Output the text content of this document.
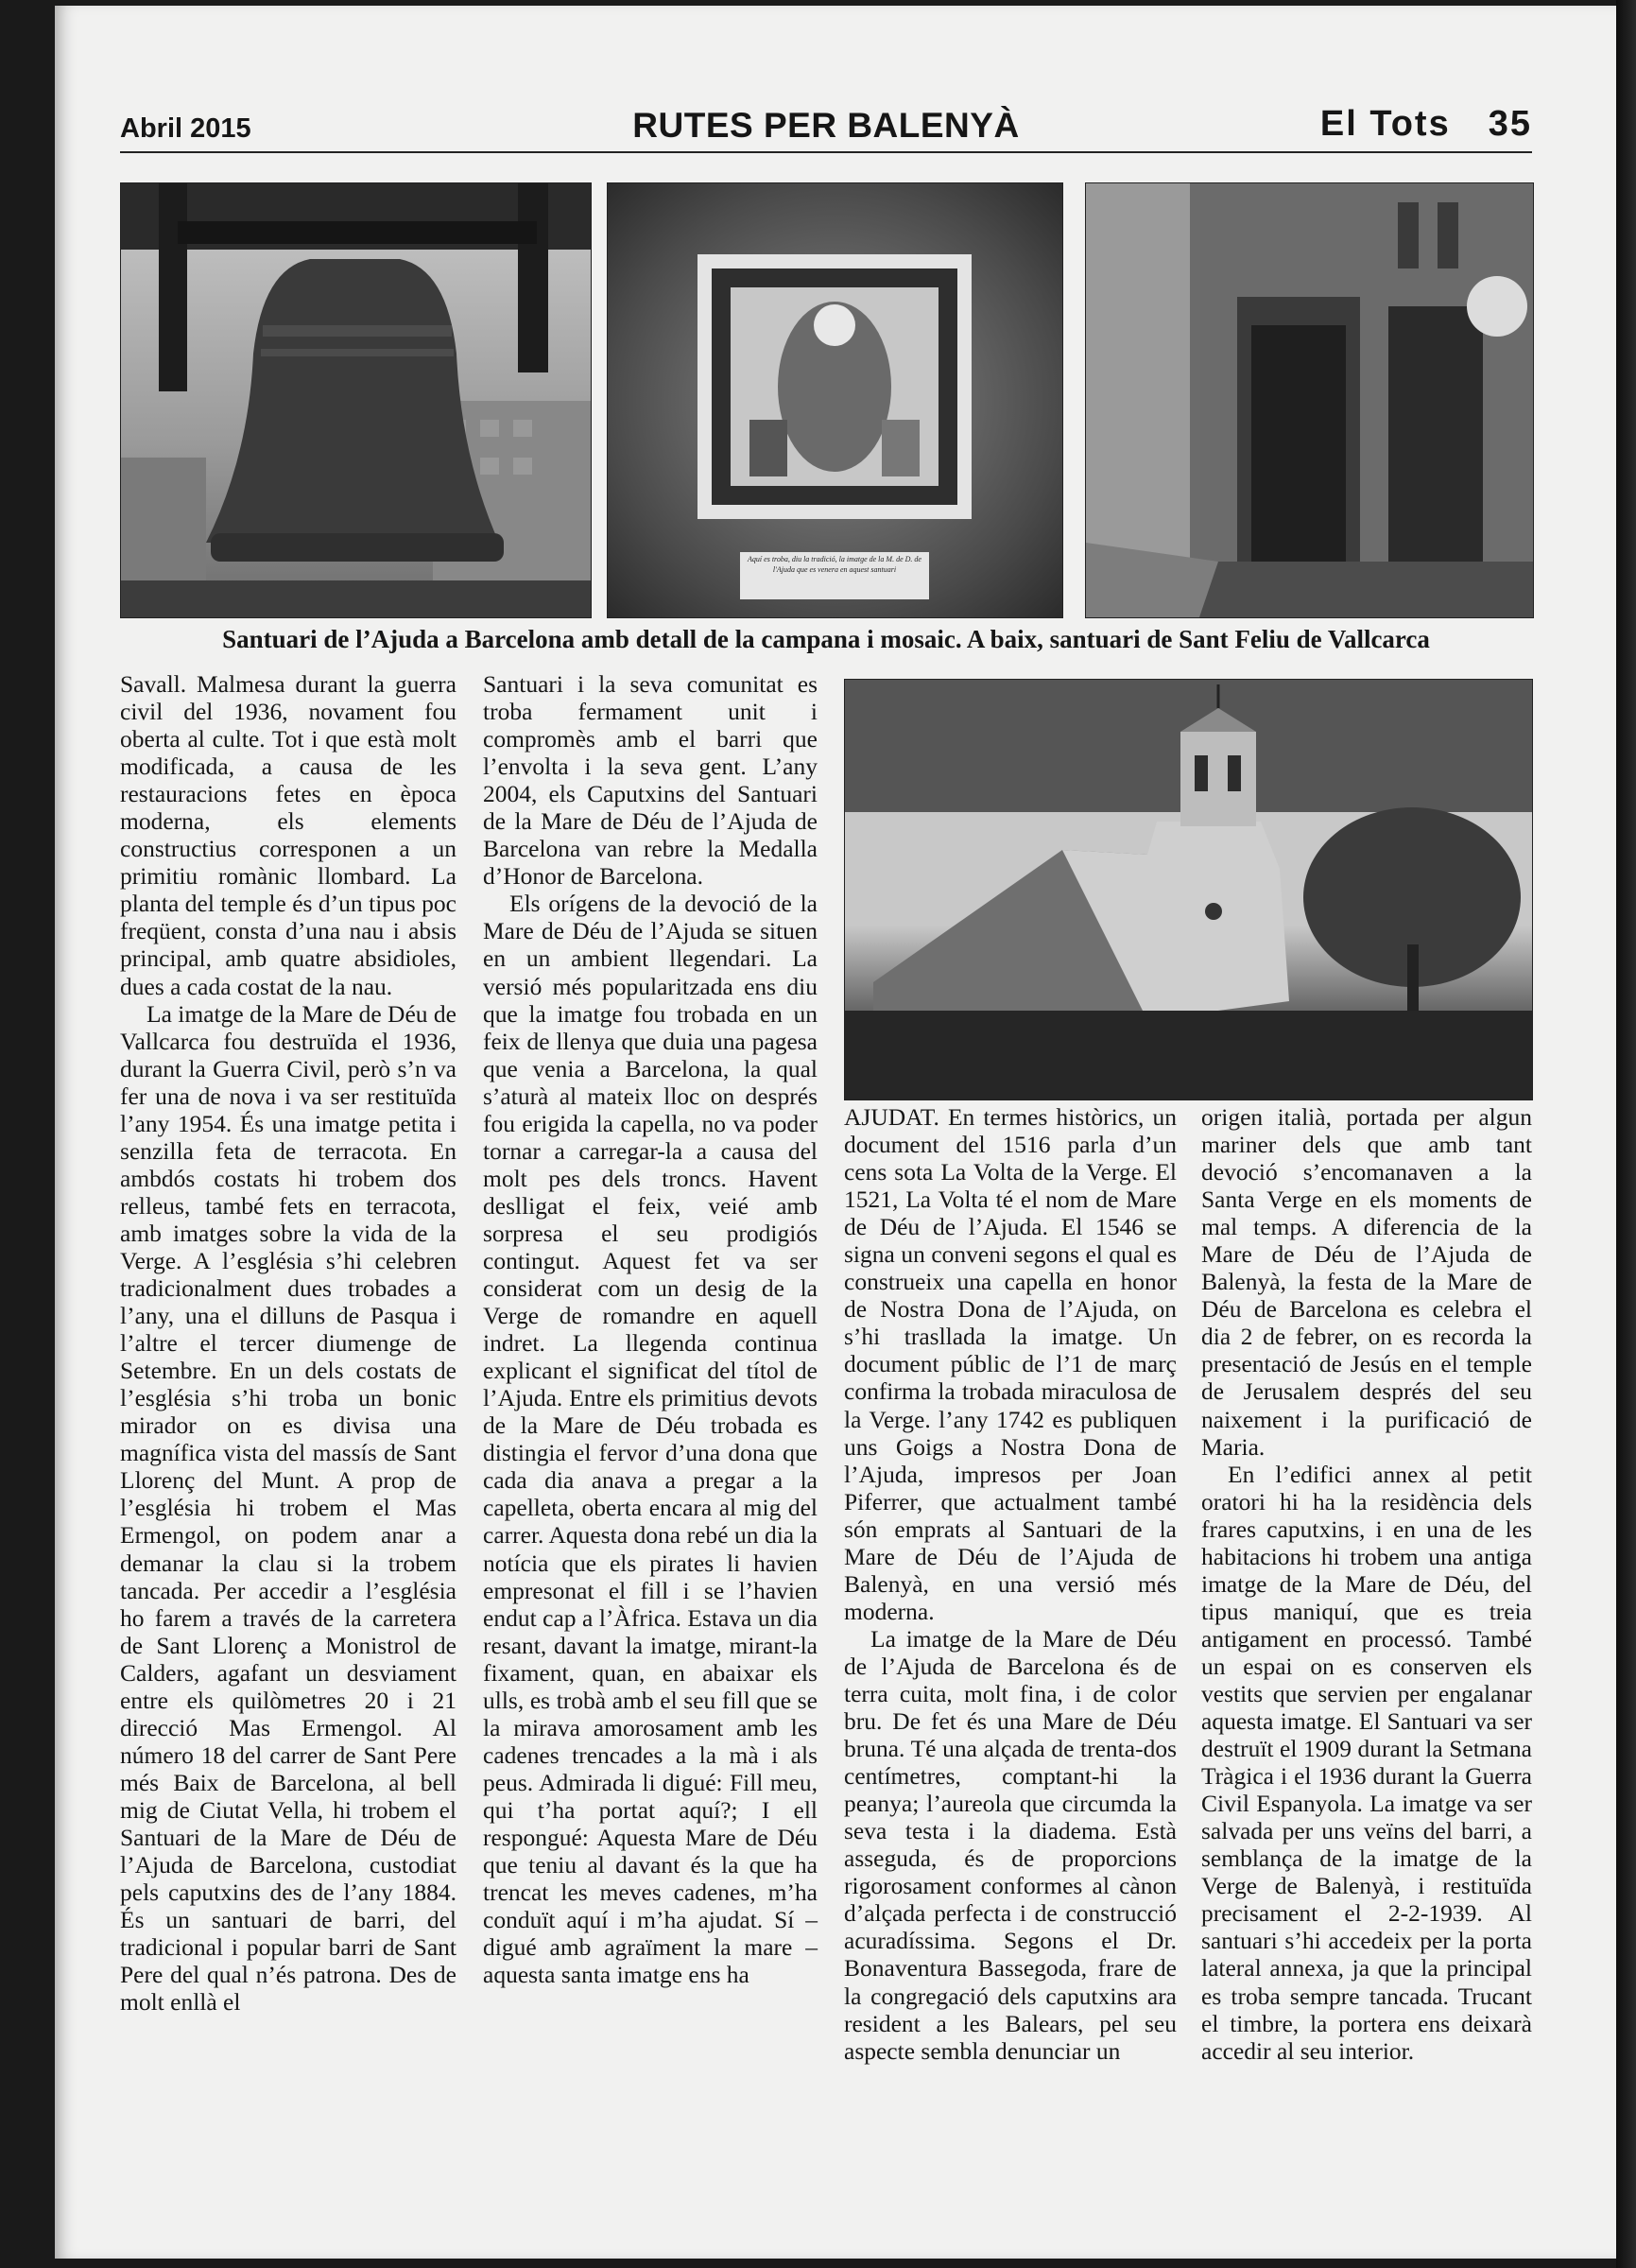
Abril 2015	RUTES PER BALENYÀ	El Tots 35
Aquí es troba, diu la tradició, la imatge de la M. de D. de l'Ajuda que es venera en aquest santuari
Santuari de l’Ajuda a Barcelona amb detall de la campana i mosaic. A baix, santuari de Sant Feliu de Vallcarca

Savall. Malmesa durant la guerra civil del 1936, novament fou oberta al culte. Tot i que està molt modificada, a causa de les restauracions fetes en època moderna, els elements constructius corresponen a un primitiu romànic llombard. La planta del temple és d’un tipus poc freqüent, consta d’una nau i absis principal, amb quatre absidioles, dues a cada costat de la nau.

La imatge de la Mare de Déu de Vallcarca fou destruïda el 1936, durant la Guerra Civil, però s’n va fer una de nova i va ser restituïda l’any 1954. És una imatge petita i senzilla feta de terracota. En ambdós costats hi trobem dos relleus, també fets en terracota, amb imatges sobre la vida de la Verge. A l’església s’hi celebren tradicionalment dues trobades a l’any, una el dilluns de Pasqua i l’altre el tercer diumenge de Setembre. En un dels costats de l’església s’hi troba un bonic mirador on es divisa una magnífica vista del massís de Sant Llorenç del Munt. A prop de l’església hi trobem el Mas Ermengol, on podem anar a demanar la clau si la trobem tancada. Per accedir a l’església ho farem a través de la carretera de Sant Llorenç a Monistrol de Calders, agafant un desviament entre els quilòmetres 20 i 21 direcció Mas Ermengol. Al número 18 del carrer de Sant Pere més Baix de Barcelona, al bell mig de Ciutat Vella, hi trobem el Santuari de la Mare de Déu de l’Ajuda de Barcelona, custodiat pels caputxins des de l’any 1884. És un santuari de barri, del tradicional i popular barri de Sant Pere del qual n’és patrona. Des de molt enllà el

Santuari i la seva comunitat es troba fermament unit i compromès amb el barri que l’envolta i la seva gent. L’any 2004, els Caputxins del Santuari de la Mare de Déu de l’Ajuda de Barcelona van rebre la Medalla d’Honor de Barcelona.

Els orígens de la devoció de la Mare de Déu de l’Ajuda se situen en un ambient llegendari. La versió més popularitzada ens diu que la imatge fou trobada en un feix de llenya que duia una pagesa que venia a Barcelona, la qual s’aturà al mateix lloc on després fou erigida la capella, no va poder tornar a carregar-la a causa del molt pes dels troncs. Havent deslligat el feix, veié amb sorpresa el seu prodigiós contingut. Aquest fet va ser considerat com un desig de la Verge de romandre en aquell indret. La llegenda continua explicant el significat del títol de l’Ajuda. Entre els primitius devots de la Mare de Déu trobada es distingia el fervor d’una dona que cada dia anava a pregar a la capelleta, oberta encara al mig del carrer. Aquesta dona rebé un dia la notícia que els pirates li havien empresonat el fill i se l’havien endut cap a l’Àfrica. Estava un dia resant, davant la imatge, mirant-la fixament, quan, en abaixar els ulls, es trobà amb el seu fill que se la mirava amorosament amb les cadenes trencades a la mà i als peus. Admirada li digué: Fill meu, qui t’ha portat aquí?; I ell respongué: Aquesta Mare de Déu que teniu al davant és la que ha trencat les meves cadenes, m’ha conduït aquí i m’ha ajudat. Sí – digué amb agraïment la mare – aquesta santa imatge ens ha

AJUDAT. En termes històrics, un document del 1516 parla d’un cens sota La Volta de la Verge. El 1521, La Volta té el nom de Mare de Déu de l’Ajuda. El 1546 se signa un conveni segons el qual es construeix una capella en honor de Nostra Dona de l’Ajuda, on s’hi trasllada la imatge. Un document públic de l’1 de març confirma la trobada miraculosa de la Verge. l’any 1742 es publiquen uns Goigs a Nostra Dona de l’Ajuda, impresos per Joan Piferrer, que actualment també són emprats al Santuari de la Mare de Déu de l’Ajuda de Balenyà, en una versió més moderna.

La imatge de la Mare de Déu de l’Ajuda de Barcelona és de terra cuita, molt fina, i de color bru. De fet és una Mare de Déu bruna. Té una alçada de trenta-dos centímetres, comptant-hi la peanya; l’aureola que circumda la seva testa i la diadema. Està asseguda, és de proporcions rigorosament conformes al cànon d’alçada perfecta i de construcció acuradíssima. Segons el Dr. Bonaventura Bassegoda, frare de la congregació dels caputxins ara resident a les Balears, pel seu aspecte sembla denunciar un

origen italià, portada per algun mariner dels que amb tant devoció s’encomanaven a la Santa Verge en els moments de mal temps. A diferencia de la Mare de Déu de l’Ajuda de Balenyà, la festa de la Mare de Déu de Barcelona es celebra el dia 2 de febrer, on es recorda la presentació de Jesús en el temple de Jerusalem després del seu naixement i la purificació de Maria.

En l’edifici annex al petit oratori hi ha la residència dels frares caputxins, i en una de les habitacions hi trobem una antiga imatge de la Mare de Déu, del tipus maniquí, que es treia antigament en processó. També un espai on es conserven els vestits que servien per engalanar aquesta imatge. El Santuari va ser destruït el 1909 durant la Setmana Tràgica i el 1936 durant la Guerra Civil Espanyola. La imatge va ser salvada per uns veïns del barri, a semblança de la imatge de la Verge de Balenyà, i restituïda precisament el 2-2-1939. Al santuari s’hi accedeix per la porta lateral annexa, ja que la principal es troba sempre tancada. Trucant el timbre, la portera ens deixarà accedir al seu interior.
